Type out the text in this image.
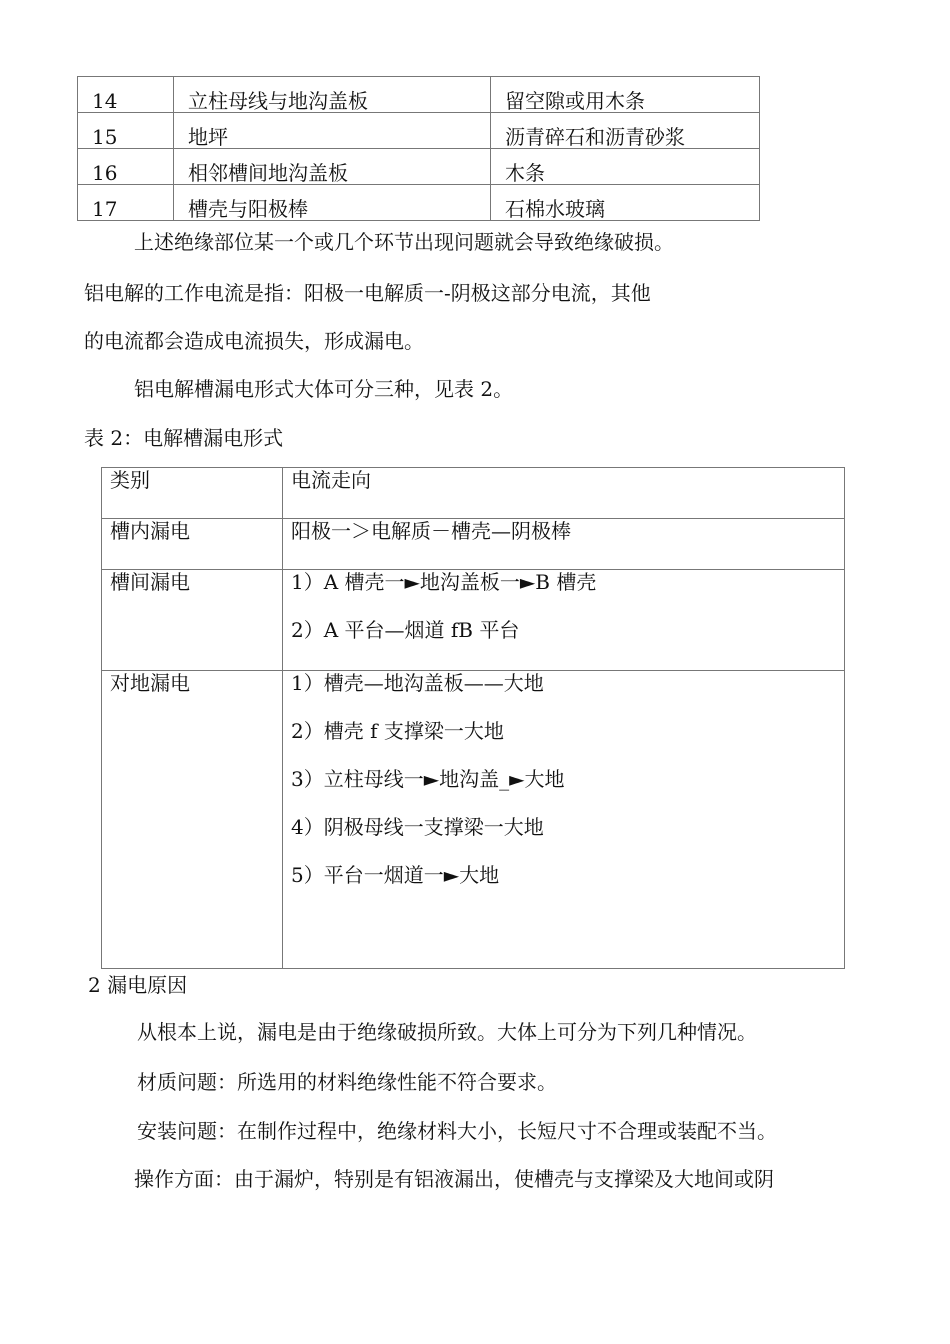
14	立柱母线与地沟盖板	留空隙或用木条
15	地坪	沥青碎石和沥青砂浆
16	相邻槽间地沟盖板	木条
17	槽壳与阳极棒	石棉水玻璃
上述绝缘部位某一个或几个环节出现问题就会导致绝缘破损。
铝电解的工作电流是指：阳极一电解质一-阴极这部分电流，其他
的电流都会造成电流损失，形成漏电。
铝电解槽漏电形式大体可分三种，见表 2。
表 2：电解槽漏电形式
类别	电流走向

槽内漏电	阳极一＞电解质－槽壳—阴极棒

槽间漏电	1）A 槽壳一►地沟盖板一►B 槽壳
2）A 平台—烟道 fB 平台

对地漏电	1）槽壳—地沟盖板——大地
2）槽壳 f 支撑梁一大地
3）立柱母线一►地沟盖_►大地
4）阴极母线一支撑梁一大地
5）平台一烟道一►大地
2 漏电原因
从根本上说，漏电是由于绝缘破损所致。大体上可分为下列几种情况。
材质问题：所选用的材料绝缘性能不符合要求。
安装问题：在制作过程中，绝缘材料大小，长短尺寸不合理或装配不当。
操作方面：由于漏炉，特别是有铝液漏出，使槽壳与支撑梁及大地间或阴
